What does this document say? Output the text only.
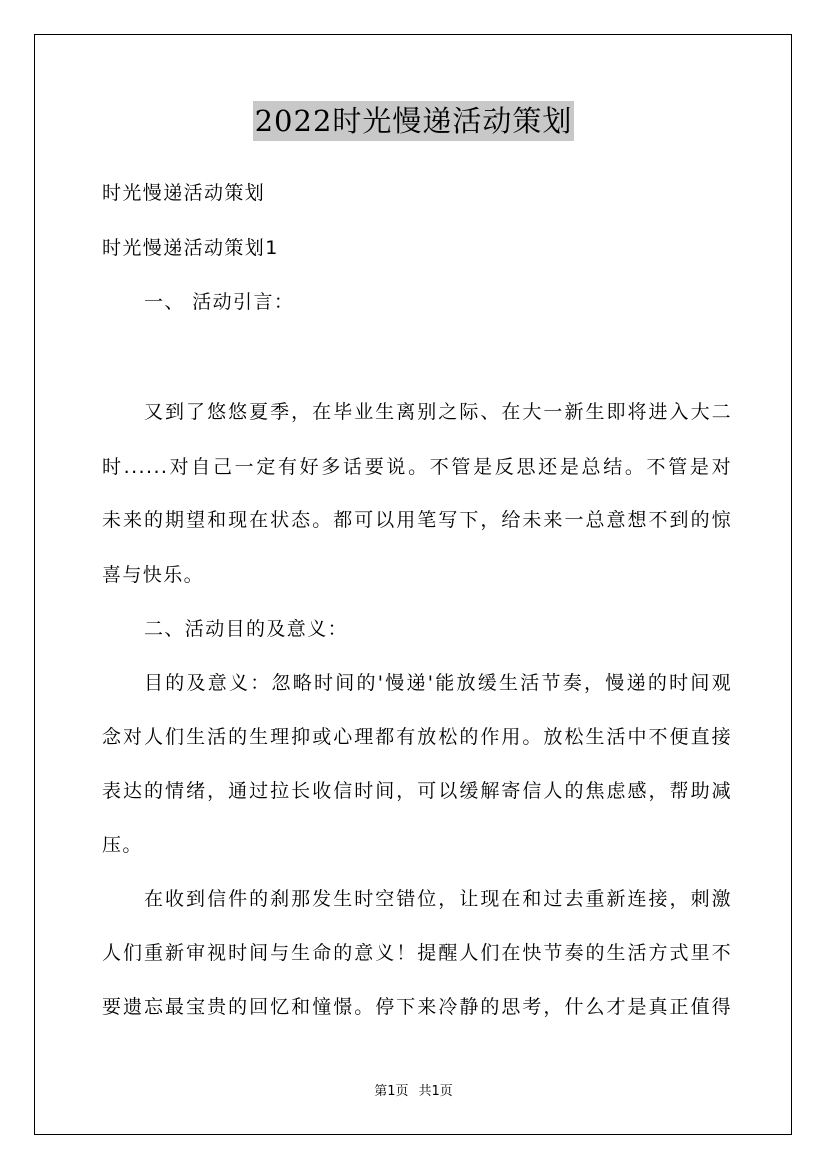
2022时光慢递活动策划
时光慢递活动策划
时光慢递活动策划1
一、 活动引言：
又到了悠悠夏季，在毕业生离别之际、在大一新生即将进入大二
时......对自己一定有好多话要说。不管是反思还是总结。不管是对
未来的期望和现在状态。都可以用笔写下，给未来一总意想不到的惊
喜与快乐。
二、活动目的及意义：
目的及意义：忽略时间的'慢递'能放缓生活节奏，慢递的时间观
念对人们生活的生理抑或心理都有放松的作用。放松生活中不便直接
表达的情绪，通过拉长收信时间，可以缓解寄信人的焦虑感，帮助减
压。
在收到信件的刹那发生时空错位，让现在和过去重新连接，刺激
人们重新审视时间与生命的意义！提醒人们在快节奏的生活方式里不
要遗忘最宝贵的回忆和憧憬。停下来冷静的思考，什么才是真正值得
第1页 共1页
